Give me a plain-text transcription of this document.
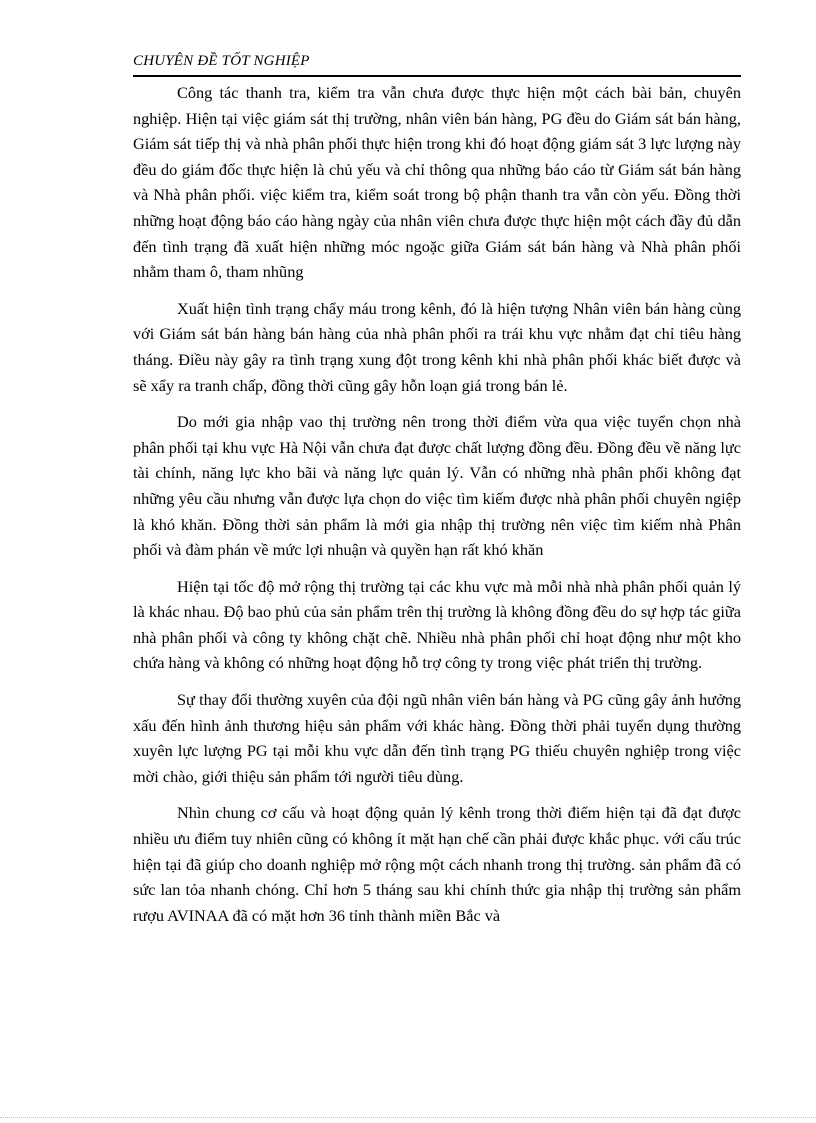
CHUYÊN ĐỀ TỐT NGHIỆP

Công tác thanh tra, kiểm tra vẫn chưa được thực hiện một cách bài bản, chuyên nghiệp. Hiện tại việc giám sát thị trường, nhân viên bán hàng, PG đều do Giám sát bán hàng, Giám sát tiếp thị và nhà phân phối thực hiện trong khi đó hoạt động giám sát 3 lực lượng này đều do giám đốc thực hiện là chủ yếu và chỉ thông qua những báo cáo từ Giám sát bán hàng và Nhà phân phối. việc kiểm tra, kiểm soát trong bộ phận thanh tra vẫn còn yếu. Đồng thời những hoạt động báo cáo hàng ngày của nhân viên chưa được thực hiện một cách đầy đủ dẫn đến tình trạng đã xuất hiện những móc ngoặc giữa Giám sát bán hàng và Nhà phân phối nhằm tham ô, tham nhũng

Xuất hiện tình trạng chẩy máu trong kênh, đó là hiện tượng Nhân viên bán hàng cùng với Giám sát bán hàng bán hàng của nhà phân phối ra trái khu vực nhằm đạt chỉ tiêu hàng tháng. Điều này gây ra tình trạng xung đột trong kênh khi nhà phân phối khác biết được và sẽ xẩy ra tranh chấp, đồng thời cũng gây hỗn loạn giá trong bán lẻ.

Do mới gia nhập vao thị trường nên trong thời điểm vừa qua việc tuyển chọn nhà phân phối tại khu vực Hà Nội vẫn chưa đạt được chất lượng đồng đều. Đồng đều về năng lực tài chính, năng lực kho bãi và năng lực quản lý. Vẫn có những nhà phân phối không đạt những yêu cầu nhưng vẫn được lựa chọn do việc tìm kiếm được nhà phân phối chuyên ngiệp là khó khăn. Đồng thời sản phẩm là mới gia nhập thị trường nên việc tìm kiếm nhà Phân phối và đàm phán về mức lợi nhuận và quyền hạn rất khó khăn

Hiện tại tốc độ mở rộng thị trường tại các khu vực mà mỗi nhà nhà phân phối quản lý là khác nhau. Độ bao phủ của sản phẩm trên thị trường là không đồng đều do sự hợp tác giữa nhà phân phối và công ty không chặt chẽ. Nhiều nhà phân phối chỉ hoạt động như một kho chứa hàng và không có những hoạt động hỗ trợ công ty trong việc phát triển thị trường.

Sự thay đổi thường xuyên của đội ngũ nhân viên bán hàng và PG cũng gây ảnh hưởng xấu đến hình ảnh thương hiệu sản phẩm với khác hàng. Đồng thời phải tuyển dụng thường xuyên lực lượng PG tại mỗi khu vực dẫn đến tình trạng PG thiếu chuyên nghiệp trong việc mời chào, giới thiệu sản phẩm tới người tiêu dùng.

Nhìn chung cơ cấu và hoạt động quản lý kênh trong thời điểm hiện tại đã đạt được nhiều ưu điểm tuy nhiên cũng có không ít mặt hạn chế cần phải được khắc phục. với cấu trúc hiện tại đã giúp cho doanh nghiệp mở rộng một cách nhanh trong thị trường. sản phẩm đã có sức lan tỏa nhanh chóng. Chỉ hơn 5 tháng sau khi chính thức gia nhập thị trường sản phẩm rượu AVINAA đã có mặt hơn 36 tỉnh thành miền Bắc và
